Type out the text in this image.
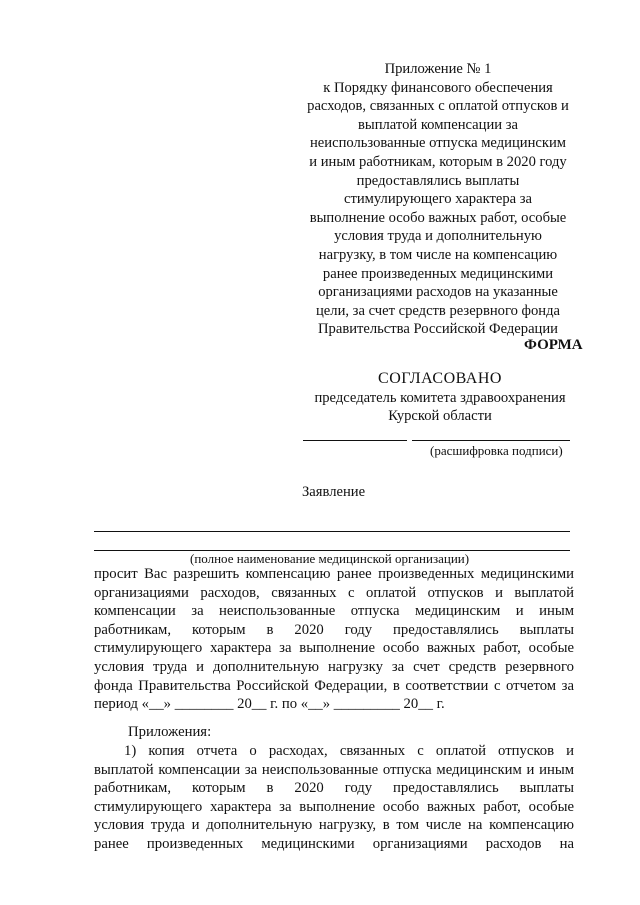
Приложение № 1
к Порядку финансового обеспечения
расходов, связанных с оплатой отпусков и
выплатой компенсации за
неиспользованные отпуска медицинским
и иным работникам, которым в 2020 году
предоставлялись выплаты
стимулирующего характера за
выполнение особо важных работ, особые
условия труда и дополнительную
нагрузку, в том числе на компенсацию
ранее произведенных медицинскими
организациями расходов на указанные
цели, за счет средств резервного фонда
Правительства Российской Федерации
ФОРМА
СОГЛАСОВАНО
председатель комитета здравоохранения
Курской области
(расшифровка подписи)
Заявление
(полное наименование медицинской организации)
просит Вас разрешить компенсацию ранее произведенных медицинскими
организациями расходов, связанных с оплатой отпусков и выплатой
компенсации за неиспользованные отпуска медицинским и иным
работникам, которым в 2020 году предоставлялись выплаты
стимулирующего характера за выполнение особо важных работ, особые
условия труда и дополнительную нагрузку за счет средств резервного
фонда Правительства Российской Федерации, в соответствии с отчетом за
период «__» ________ 20__ г. по «__» _________ 20__ г.
Приложения:
1) копия отчета о расходах, связанных с оплатой отпусков и
выплатой компенсации за неиспользованные отпуска медицинским и иным
работникам, которым в 2020 году предоставлялись выплаты
стимулирующего характера за выполнение особо важных работ, особые
условия труда и дополнительную нагрузку, в том числе на компенсацию
ранее произведенных медицинскими организациями расходов на
